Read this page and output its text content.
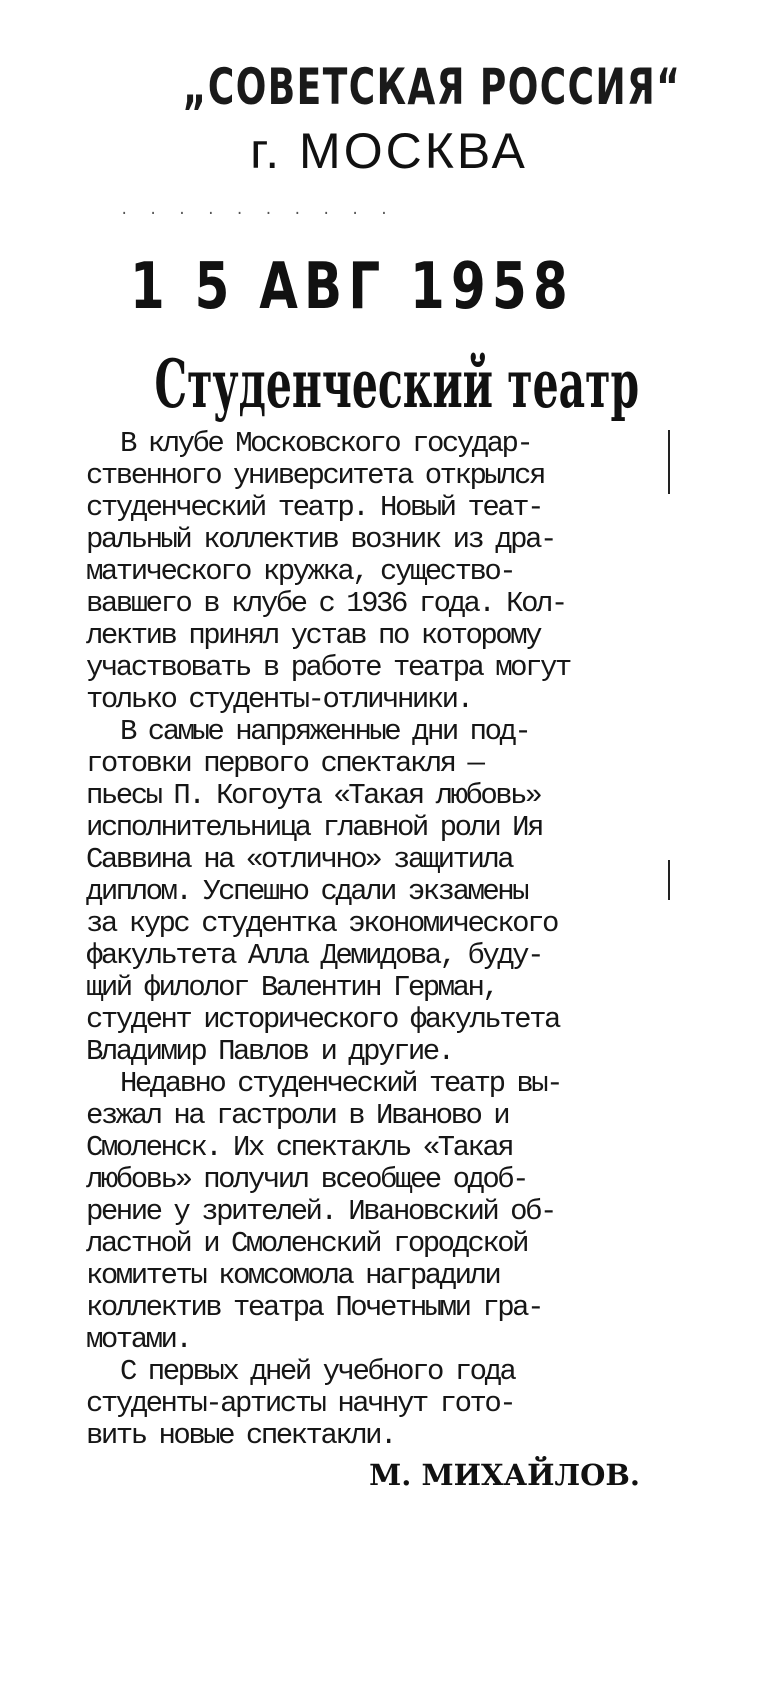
„СОВЕТСКАЯ РОССИЯ“
г. МОСКВА
· · · · · · · · · ·
1 5 АВГ 1958
Студенческий театр
В клубе Московского государ-
ственного университета открылся
студенческий театр. Новый теат-
ральный коллектив возник из дра-
матического кружка, существо-
вавшего в клубе с 1936 года. Кол-
лектив принял устав по которому
участвовать в работе театра могут
только студенты-отличники.
В самые напряженные дни под-
готовки первого спектакля —
пьесы П. Когоута «Такая любовь»
исполнительница главной роли Ия
Саввина на «отлично» защитила
диплом. Успешно сдали экзамены
за курс студентка экономического
факультета Алла Демидова, буду-
щий филолог Валентин Герман,
студент исторического факультета
Владимир Павлов и другие.
Недавно студенческий театр вы-
езжал на гастроли в Иваново и
Смоленск. Их спектакль «Такая
любовь» получил всеобщее одоб-
рение у зрителей. Ивановский об-
ластной и Смоленский городской
комитеты комсомола наградили
коллектив театра Почетными гра-
мотами.
С первых дней учебного года
студенты-артисты начнут гото-
вить новые спектакли.
М. МИХАЙЛОВ.
